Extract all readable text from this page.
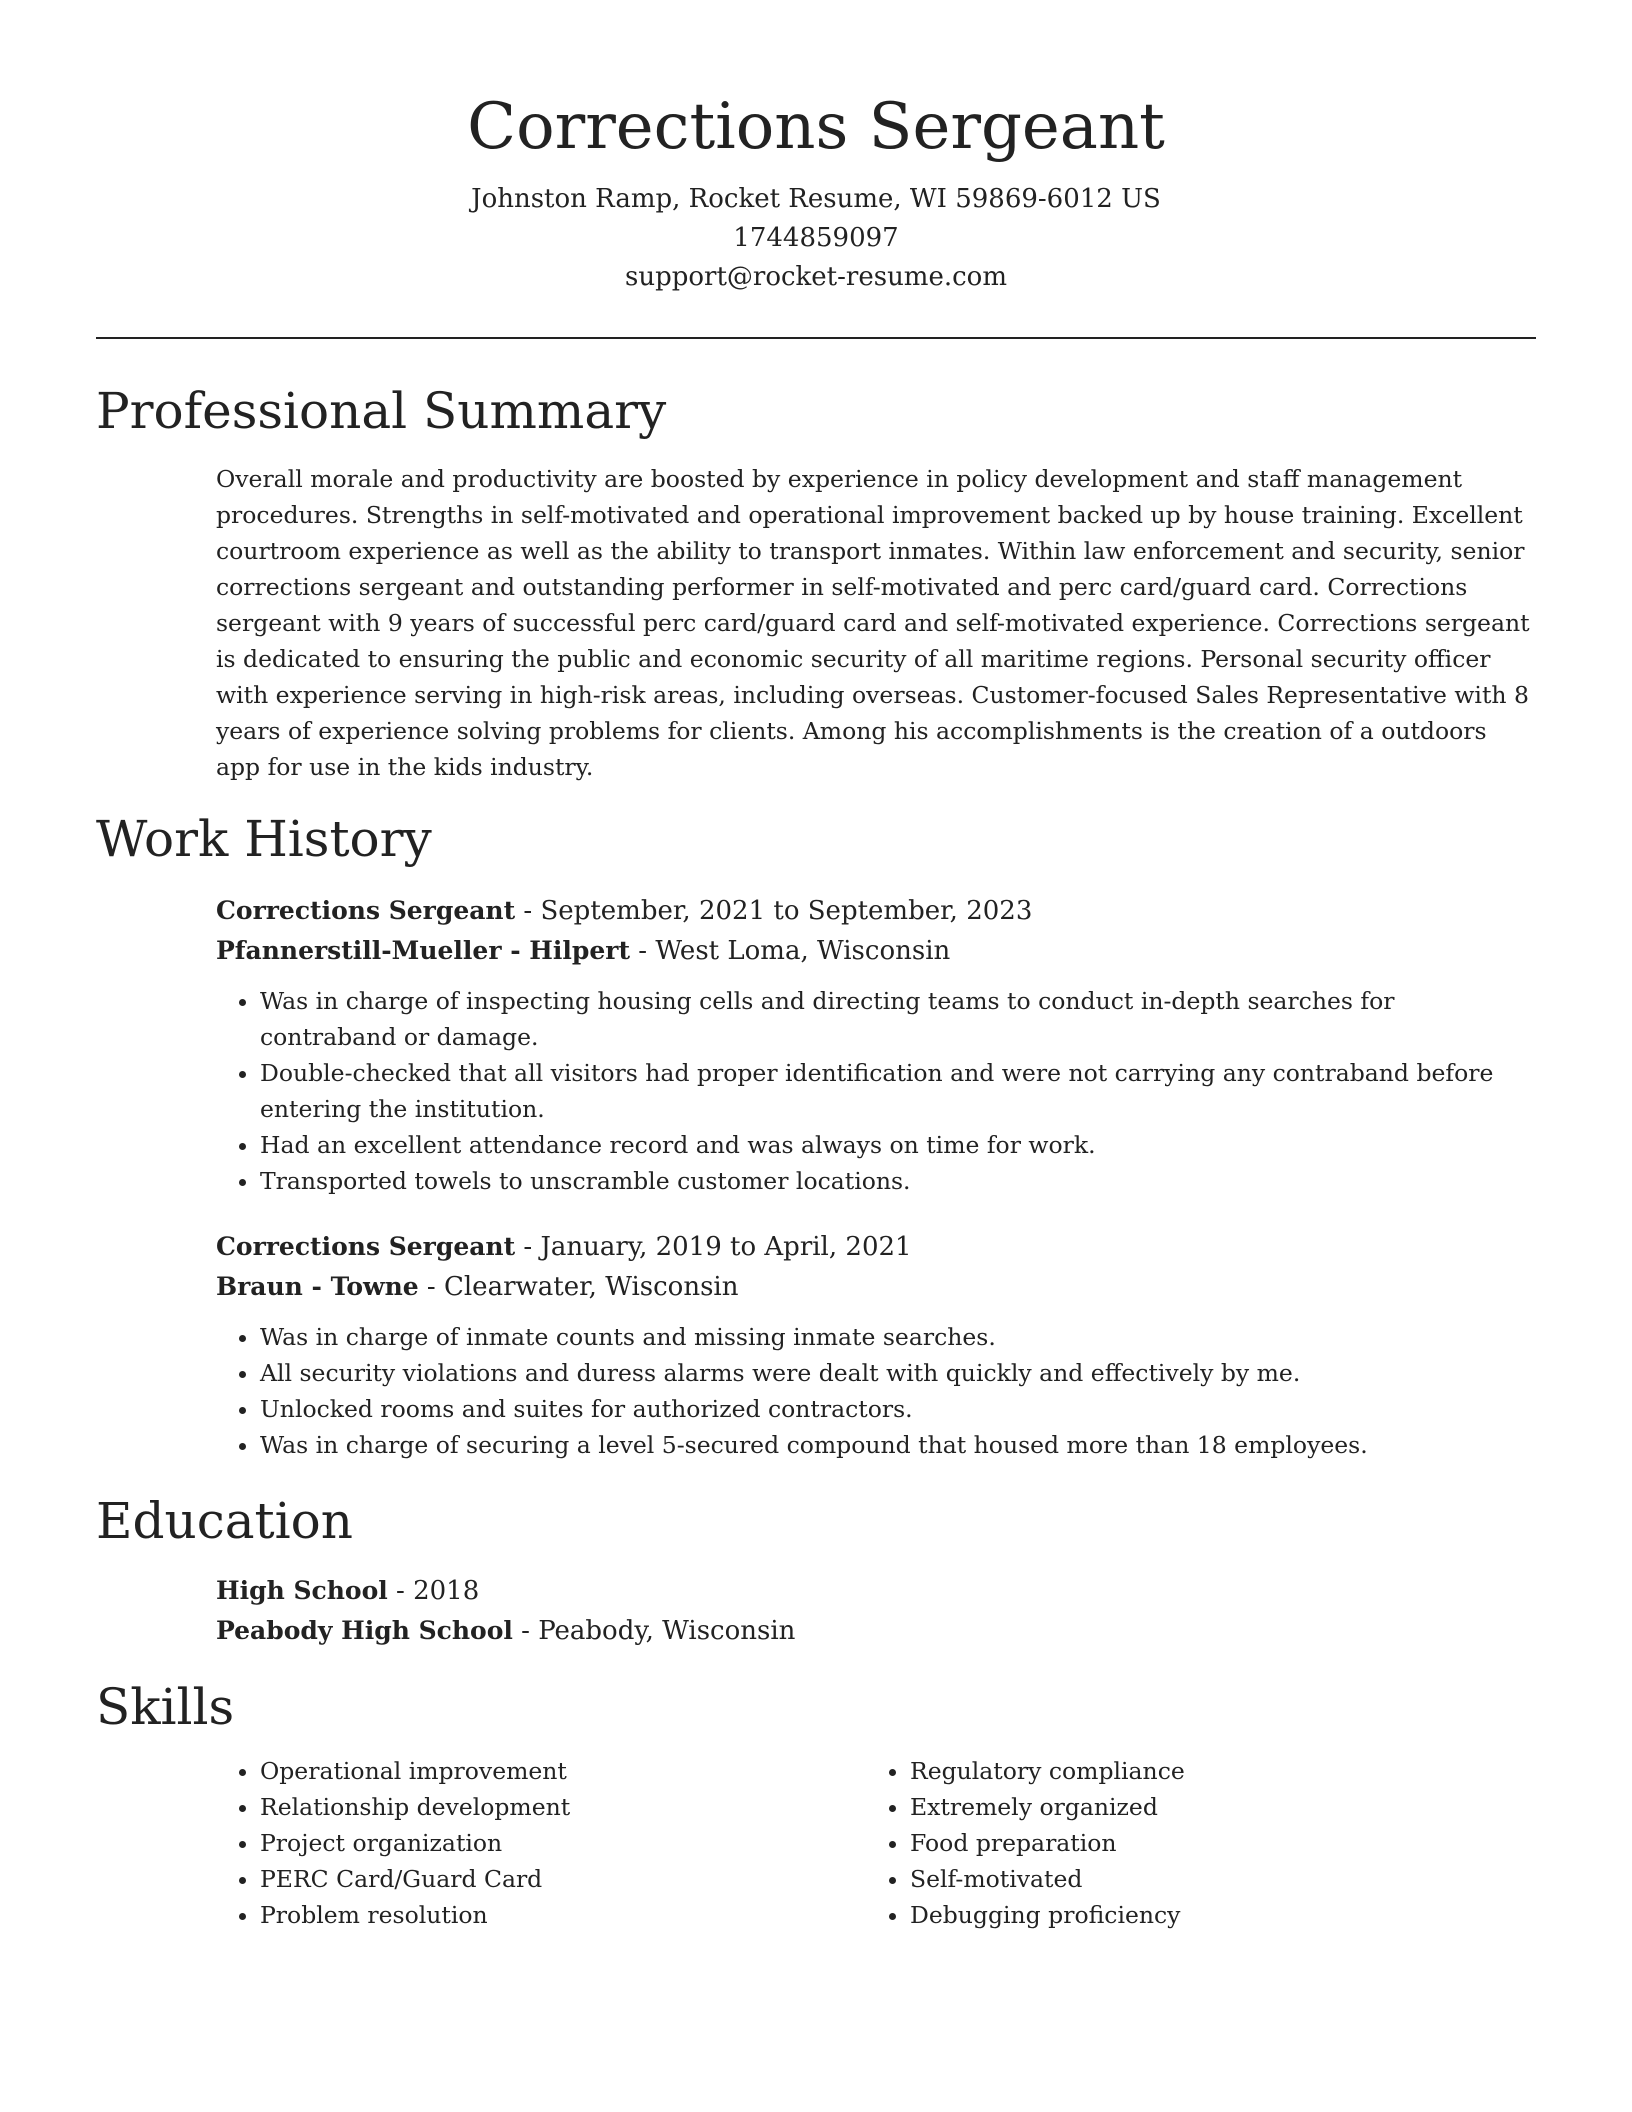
Corrections Sergeant
Johnston Ramp, Rocket Resume, WI 59869-6012 US
1744859097
support@rocket-resume.com
Professional Summary
Overall morale and productivity are boosted by experience in policy development and staff management procedures. Strengths in self-motivated and operational improvement backed up by house training. Excellent courtroom experience as well as the ability to transport inmates. Within law enforcement and security, senior corrections sergeant and outstanding performer in self-motivated and perc card/guard card. Corrections sergeant with 9 years of successful perc card/guard card and self-motivated experience. Corrections sergeant is dedicated to ensuring the public and economic security of all maritime regions. Personal security officer with experience serving in high-risk areas, including overseas. Customer-focused Sales Representative with 8 years of experience solving problems for clients. Among his accomplishments is the creation of a outdoors app for use in the kids industry.
Work History
Corrections Sergeant - September, 2021 to September, 2023
Pfannerstill-Mueller - Hilpert - West Loma, Wisconsin
• Was in charge of inspecting housing cells and directing teams to conduct in-depth searches for contraband or damage.
• Double-checked that all visitors had proper identification and were not carrying any contraband before entering the institution.
• Had an excellent attendance record and was always on time for work.
• Transported towels to unscramble customer locations.
Corrections Sergeant - January, 2019 to April, 2021
Braun - Towne - Clearwater, Wisconsin
• Was in charge of inmate counts and missing inmate searches.
• All security violations and duress alarms were dealt with quickly and effectively by me.
• Unlocked rooms and suites for authorized contractors.
• Was in charge of securing a level 5-secured compound that housed more than 18 employees.
Education
High School - 2018
Peabody High School - Peabody, Wisconsin
Skills
• Operational improvement
• Relationship development
• Project organization
• PERC Card/Guard Card
• Problem resolution
• Regulatory compliance
• Extremely organized
• Food preparation
• Self-motivated
• Debugging proficiency
